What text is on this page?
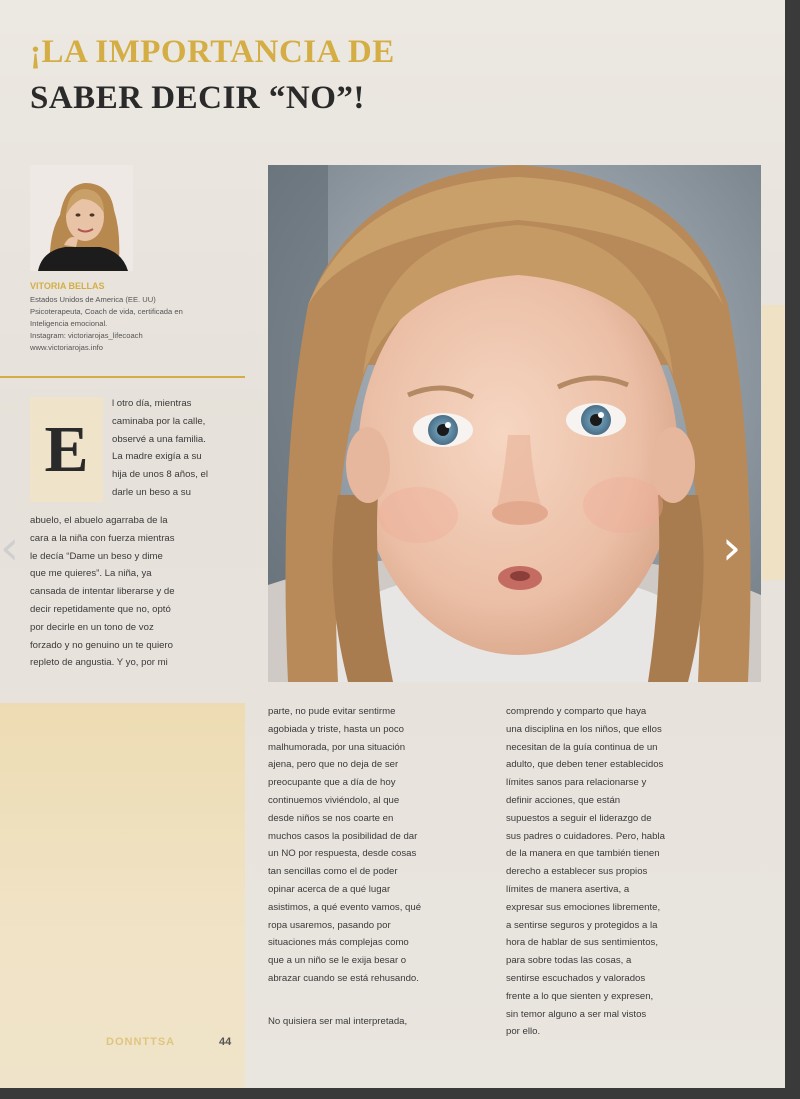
¡LA IMPORTANCIA DE
SABER DECIR “NO”!
VITORIA BELLAS
Estados Unidos de America (EE. UU)
Psicoterapeuta, Coach de vida, certificada en
Inteligencia emocional.
Instagram: victoriarojas_lifecoach
www.victoriarojas.info
E
l otro día, mientras
caminaba por la calle,
observé a una familia.
La madre exigía a su
hija de unos 8 años, el
darle un beso a su
abuelo, el abuelo agarrabа de la
cara a la niña con fuerza mientras
le decía “Dame un beso y dime
que me quieres”. La niña, ya
cansada de intentar liberarse y de
decir repetidamente que no, optó
por decirle en un tono de voz
forzado y no genuino un te quiero
repleto de angustia. Y yo, por mi
parte, no pude evitar sentirme
agobiada y triste, hasta un poco
malhumorada, por una situación
ajena, pero que no deja de ser
preocupante que a día de hoy
continuemos viviéndolo, al que
desde niños se nos coarte en
muchos casos la posibilidad de dar
un NO por respuesta, desde cosas
tan sencillas como el de poder
opinar acerca de a qué lugar
asistimos, a qué evento vamos, qué
ropa usaremos, pasando por
situaciones más complejas como
que a un niño se le exija besar o
abrazar cuando se está rehusando.
No quisiera ser mal interpretada,
comprendo y comparto que haya
una disciplina en los niños, que ellos
necesitan de la guía continua de un
adulto, que deben tener establecidos
límites sanos para relacionarse y
definir acciones, que están
supuestos a seguir el liderazgo de
sus padres o cuidadores. Pero, habla
de la manera en que también tienen
derecho a establecer sus propios
límites de manera asertiva, a
expresar sus emociones libremente,
a sentirse seguros y protegidos a la
hora de hablar de sus sentimientos,
para sobre todas las cosas, a
sentirse escuchados y valorados
frente a lo que sienten y expresen,
sin temor alguno a ser mal vistos
por ello.
DONNTTSA	44
‹	›
